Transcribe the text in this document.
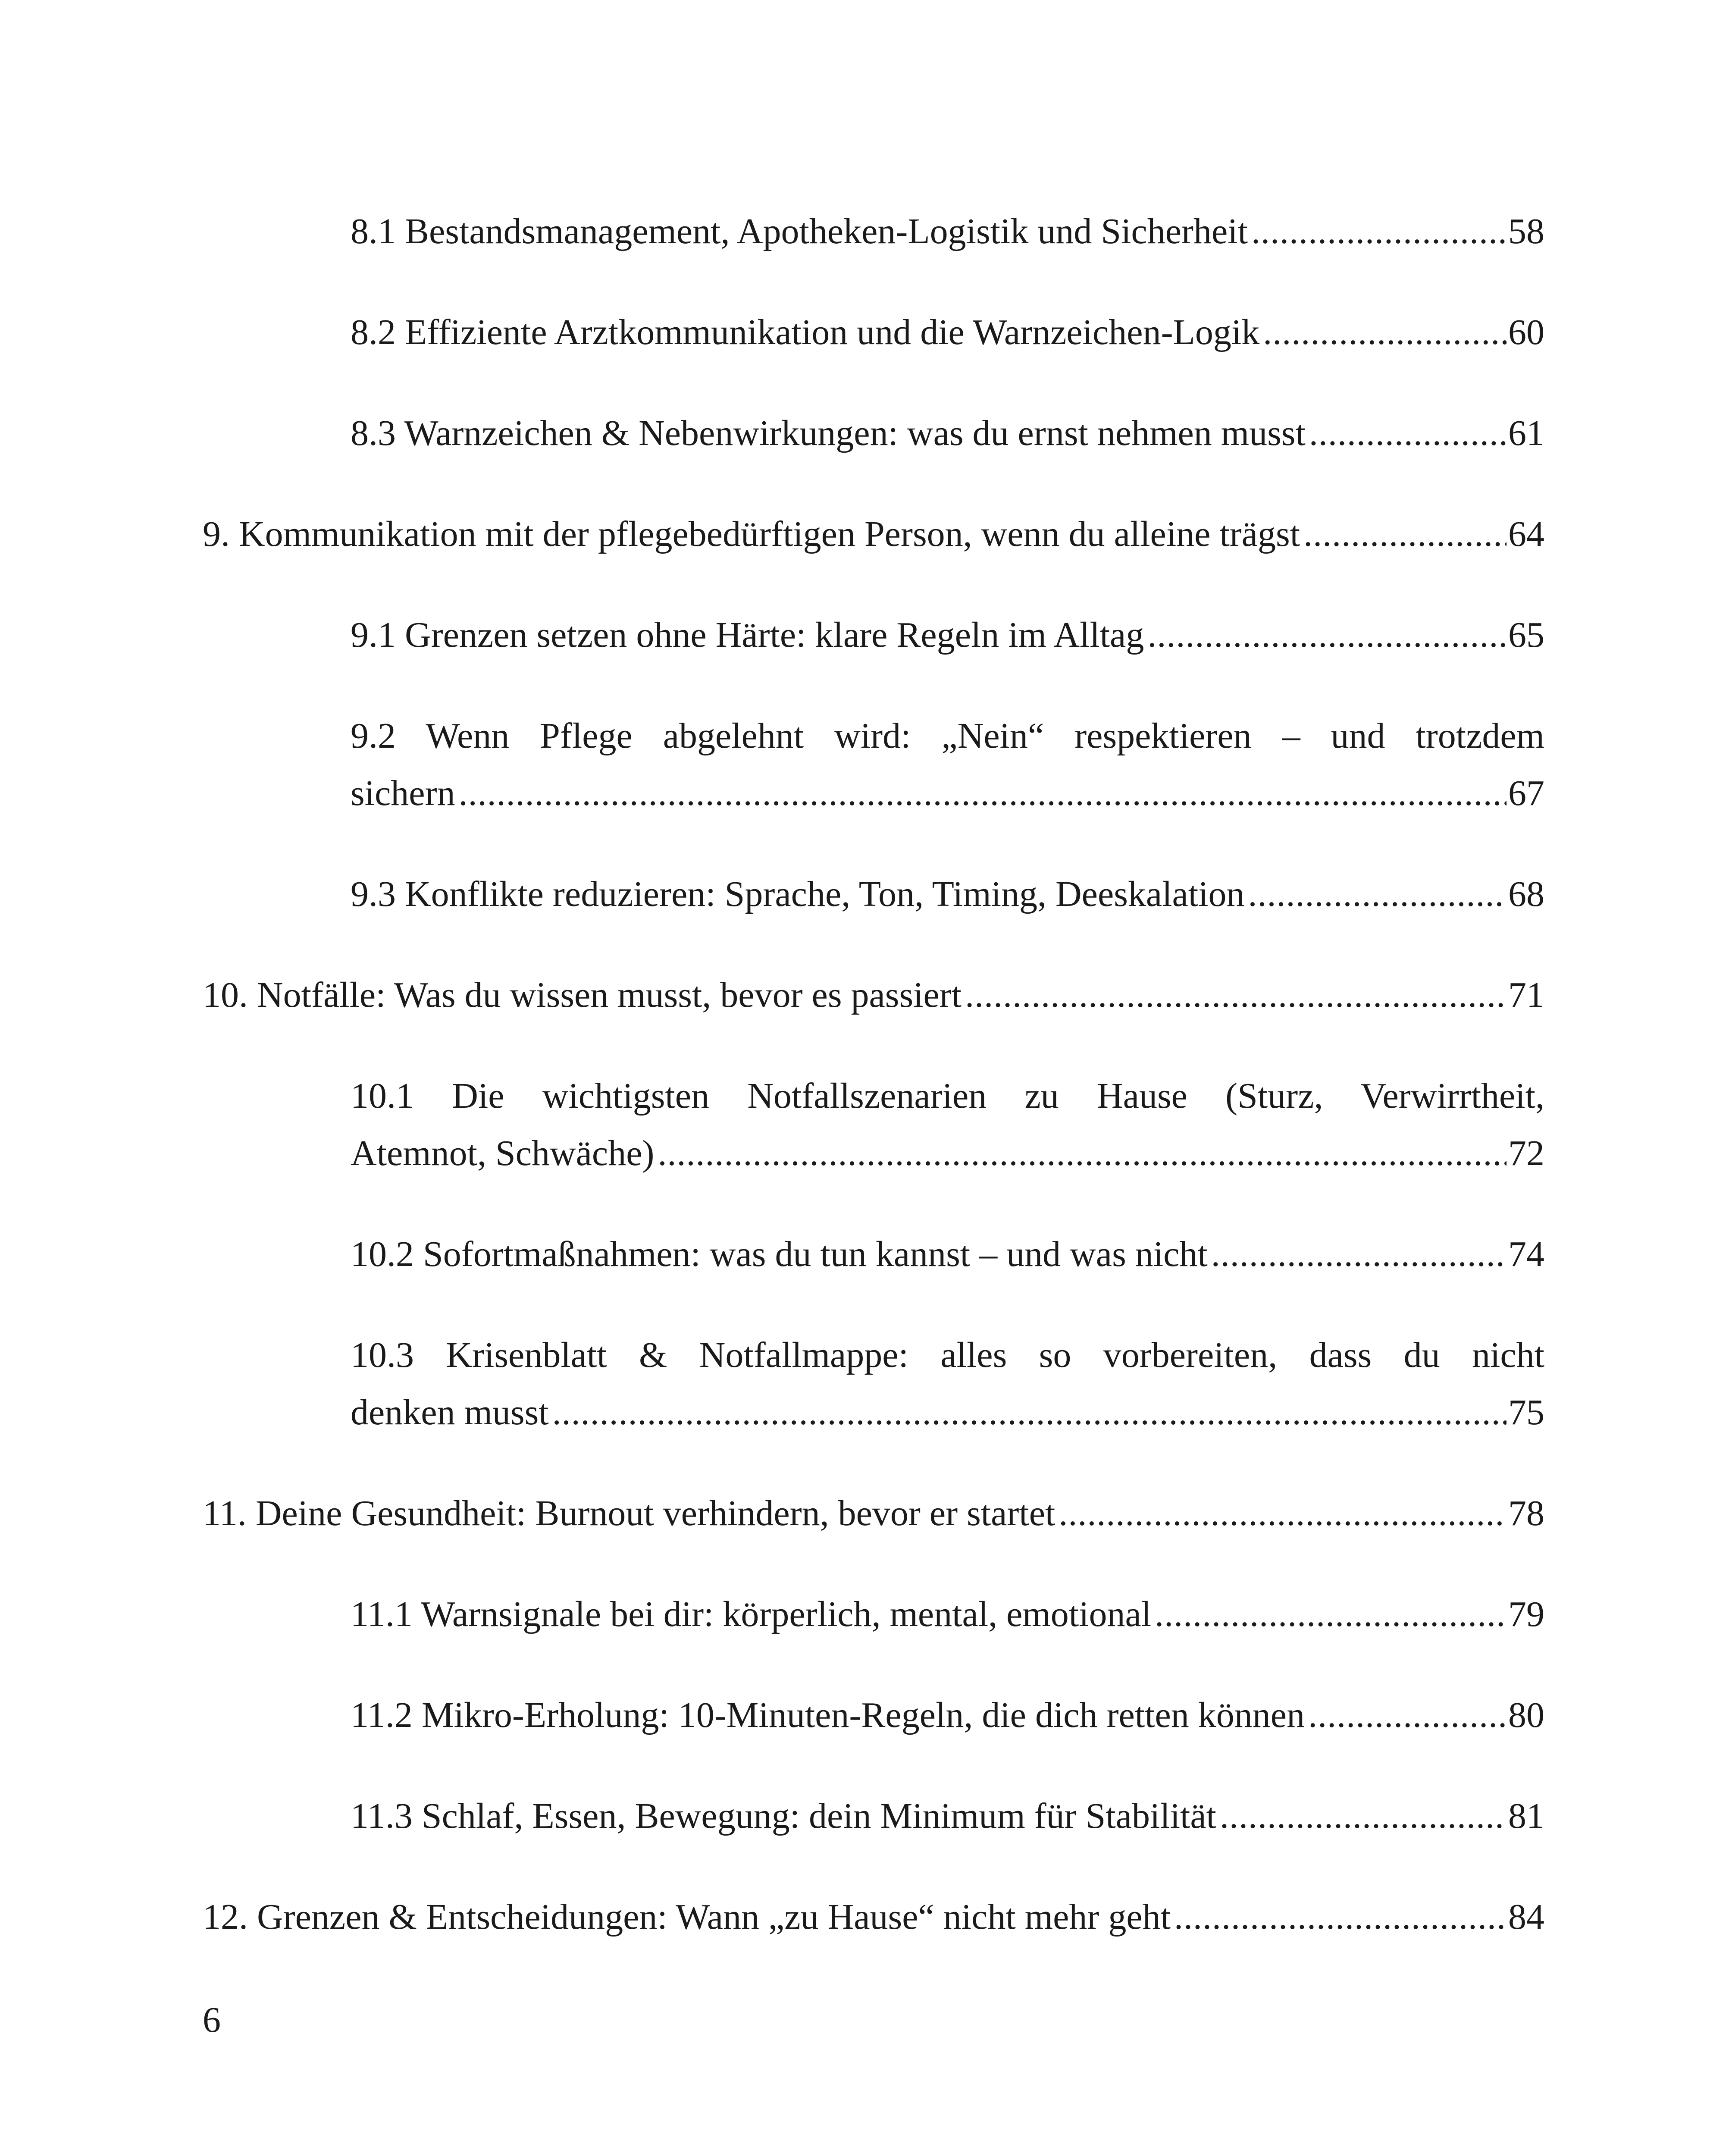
8.1 Bestandsmanagement, Apotheken-Logistik und Sicherheit .....	58
8.2 Effiziente Arztkommunikation und die Warnzeichen-Logik .....	60
8.3 Warnzeichen & Nebenwirkungen: was du ernst nehmen musst .....	61
9. Kommunikation mit der pflegebedürftigen Person, wenn du alleine trägst .....	64
9.1 Grenzen setzen ohne Härte: klare Regeln im Alltag .....	65
9.2 Wenn Pflege abgelehnt wird: „Nein“ respektieren – und trotzdem
sichern .....	67
9.3 Konflikte reduzieren: Sprache, Ton, Timing, Deeskalation .....	68
10. Notfälle: Was du wissen musst, bevor es passiert .....	71
10.1 Die wichtigsten Notfallszenarien zu Hause (Sturz, Verwirrtheit,
Atemnot, Schwäche) .....	72
10.2 Sofortmaßnahmen: was du tun kannst – und was nicht .....	74
10.3 Krisenblatt & Notfallmappe: alles so vorbereiten, dass du nicht
denken musst .....	75
11. Deine Gesundheit: Burnout verhindern, bevor er startet .....	78
11.1 Warnsignale bei dir: körperlich, mental, emotional .....	79
11.2 Mikro-Erholung: 10-Minuten-Regeln, die dich retten können .....	80
11.3 Schlaf, Essen, Bewegung: dein Minimum für Stabilität .....	81
12. Grenzen & Entscheidungen: Wann „zu Hause“ nicht mehr geht .....	84
6
